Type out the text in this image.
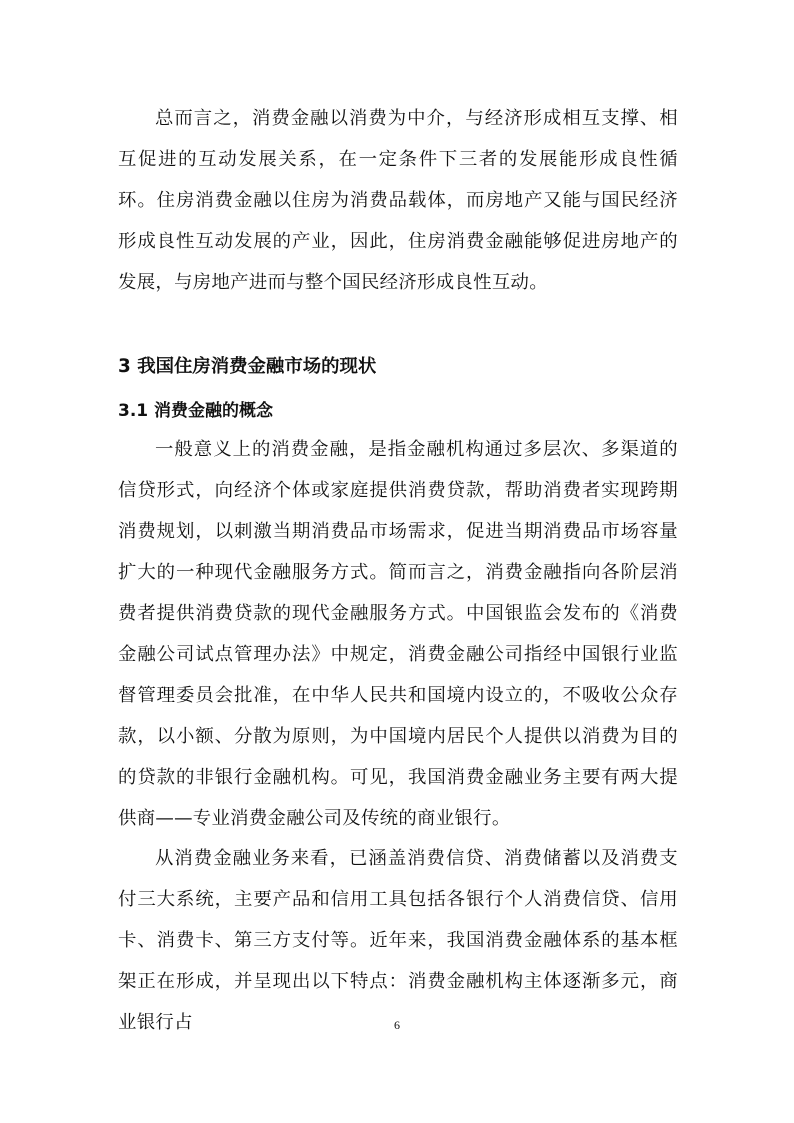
总而言之，消费金融以消费为中介，与经济形成相互支撑、相互促进的互动发展关系，在一定条件下三者的发展能形成良性循环。住房消费金融以住房为消费品载体，而房地产又能与国民经济形成良性互动发展的产业，因此，住房消费金融能够促进房地产的发展，与房地产进而与整个国民经济形成良性互动。

3 我国住房消费金融市场的现状
3.1 消费金融的概念

一般意义上的消费金融，是指金融机构通过多层次、多渠道的信贷形式，向经济个体或家庭提供消费贷款，帮助消费者实现跨期消费规划，以刺激当期消费品市场需求，促进当期消费品市场容量扩大的一种现代金融服务方式。简而言之，消费金融指向各阶层消费者提供消费贷款的现代金融服务方式。中国银监会发布的《消费金融公司试点管理办法》中规定，消费金融公司指经中国银行业监督管理委员会批准，在中华人民共和国境内设立的，不吸收公众存款，以小额、分散为原则，为中国境内居民个人提供以消费为目的的贷款的非银行金融机构。可见，我国消费金融业务主要有两大提供商——专业消费金融公司及传统的商业银行。

从消费金融业务来看，已涵盖消费信贷、消费储蓄以及消费支付三大系统，主要产品和信用工具包括各银行个人消费信贷、信用卡、消费卡、第三方支付等。近年来，我国消费金融体系的基本框架正在形成，并呈现出以下特点：消费金融机构主体逐渐多元，商业银行占	6
